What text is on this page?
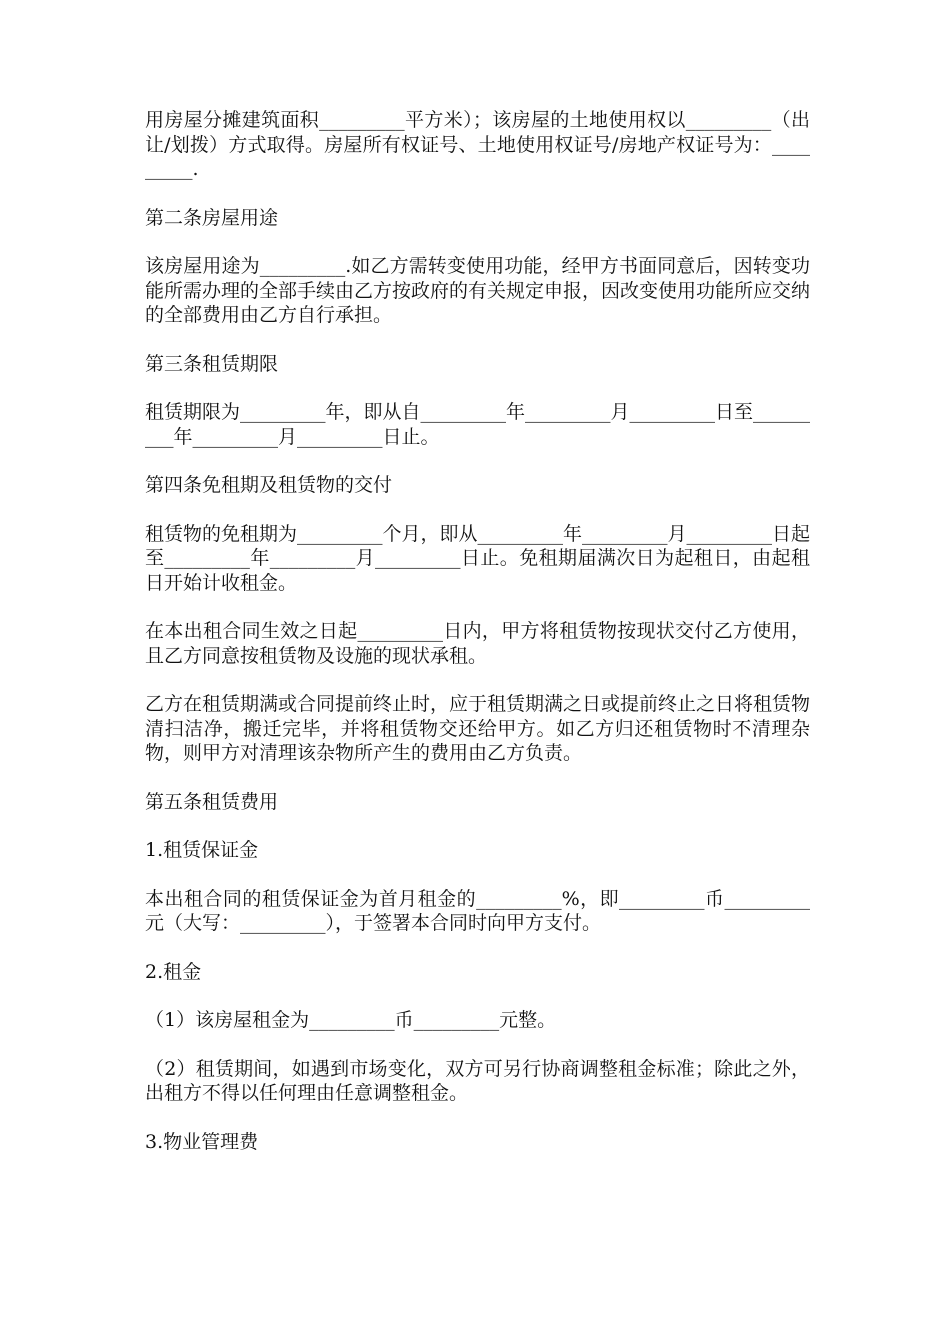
用房屋分摊建筑面积_________平方米）；该房屋的土地使用权以_________（出让/划拨）方式取得。房屋所有权证号、土地使用权证号/房地产权证号为：_________.

第二条房屋用途

该房屋用途为_________.如乙方需转变使用功能，经甲方书面同意后，因转变功能所需办理的全部手续由乙方按政府的有关规定申报，因改变使用功能所应交纳的全部费用由乙方自行承担。

第三条租赁期限

租赁期限为_________年，即从自_________年_________月_________日至_________年_________月_________日止。

第四条免租期及租赁物的交付

租赁物的免租期为_________个月，即从_________年_________月_________日起至_________年_________月_________日止。免租期届满次日为起租日，由起租日开始计收租金。

在本出租合同生效之日起_________日内，甲方将租赁物按现状交付乙方使用，且乙方同意按租赁物及设施的现状承租。

乙方在租赁期满或合同提前终止时，应于租赁期满之日或提前终止之日将租赁物清扫洁净，搬迁完毕，并将租赁物交还给甲方。如乙方归还租赁物时不清理杂物，则甲方对清理该杂物所产生的费用由乙方负责。

第五条租赁费用

1.租赁保证金

本出租合同的租赁保证金为首月租金的_________%，即_________币_________元（大写：_________），于签署本合同时向甲方支付。

2.租金

（1）该房屋租金为_________币_________元整。

（2）租赁期间，如遇到市场变化，双方可另行协商调整租金标准；除此之外，出租方不得以任何理由任意调整租金。

3.物业管理费
